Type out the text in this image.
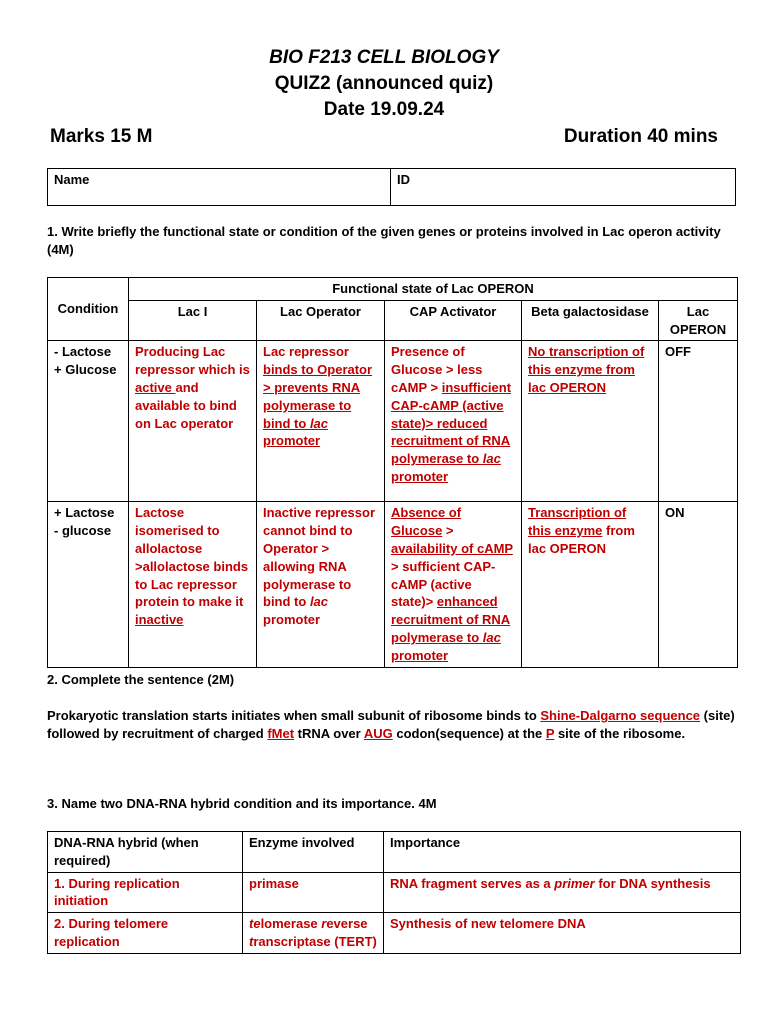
BIO F213 CELL BIOLOGY
QUIZ2 (announced quiz)
Date 19.09.24
Marks 15 M	Duration 40 mins
Name	ID
1. Write briefly the functional state or condition of the given genes or proteins involved in Lac operon activity (4M)
Condition	Functional state of Lac OPERON				
	Lac I	Lac Operator	CAP Activator	Beta galactosidase	Lac
OPERON
- Lactose
+ Glucose	Producing Lac repressor which is active and available to bind on Lac operator	Lac repressor binds to Operator > prevents RNA polymerase to bind to lac promoter	Presence of Glucose > less cAMP > insufficient CAP-cAMP (active state)> reduced recruitment of RNA polymerase to lac promoter	No transcription of this enzyme from lac OPERON	OFF
+ Lactose
- glucose	Lactose isomerised to allolactose >allolactose binds to Lac repressor protein to make it inactive	Inactive repressor cannot bind to Operator > allowing RNA polymerase to bind to lac promoter	Absence of Glucose > availability of cAMP > sufficient CAP-cAMP (active state)> enhanced recruitment of RNA polymerase to lac promoter	Transcription of this enzyme from lac OPERON	ON
2. Complete the sentence (2M)
Prokaryotic translation starts initiates when small subunit of ribosome binds to Shine-Dalgarno sequence (site) followed by recruitment of charged fMet tRNA over AUG codon(sequence) at the P site of the ribosome.
3. Name two DNA-RNA hybrid condition and its importance. 4M
DNA-RNA hybrid (when required)	Enzyme involved	Importance
1. During replication initiation	primase	RNA fragment serves as a primer for DNA synthesis
2. During telomere replication	telomerase reverse transcriptase (TERT)	Synthesis of new telomere DNA
